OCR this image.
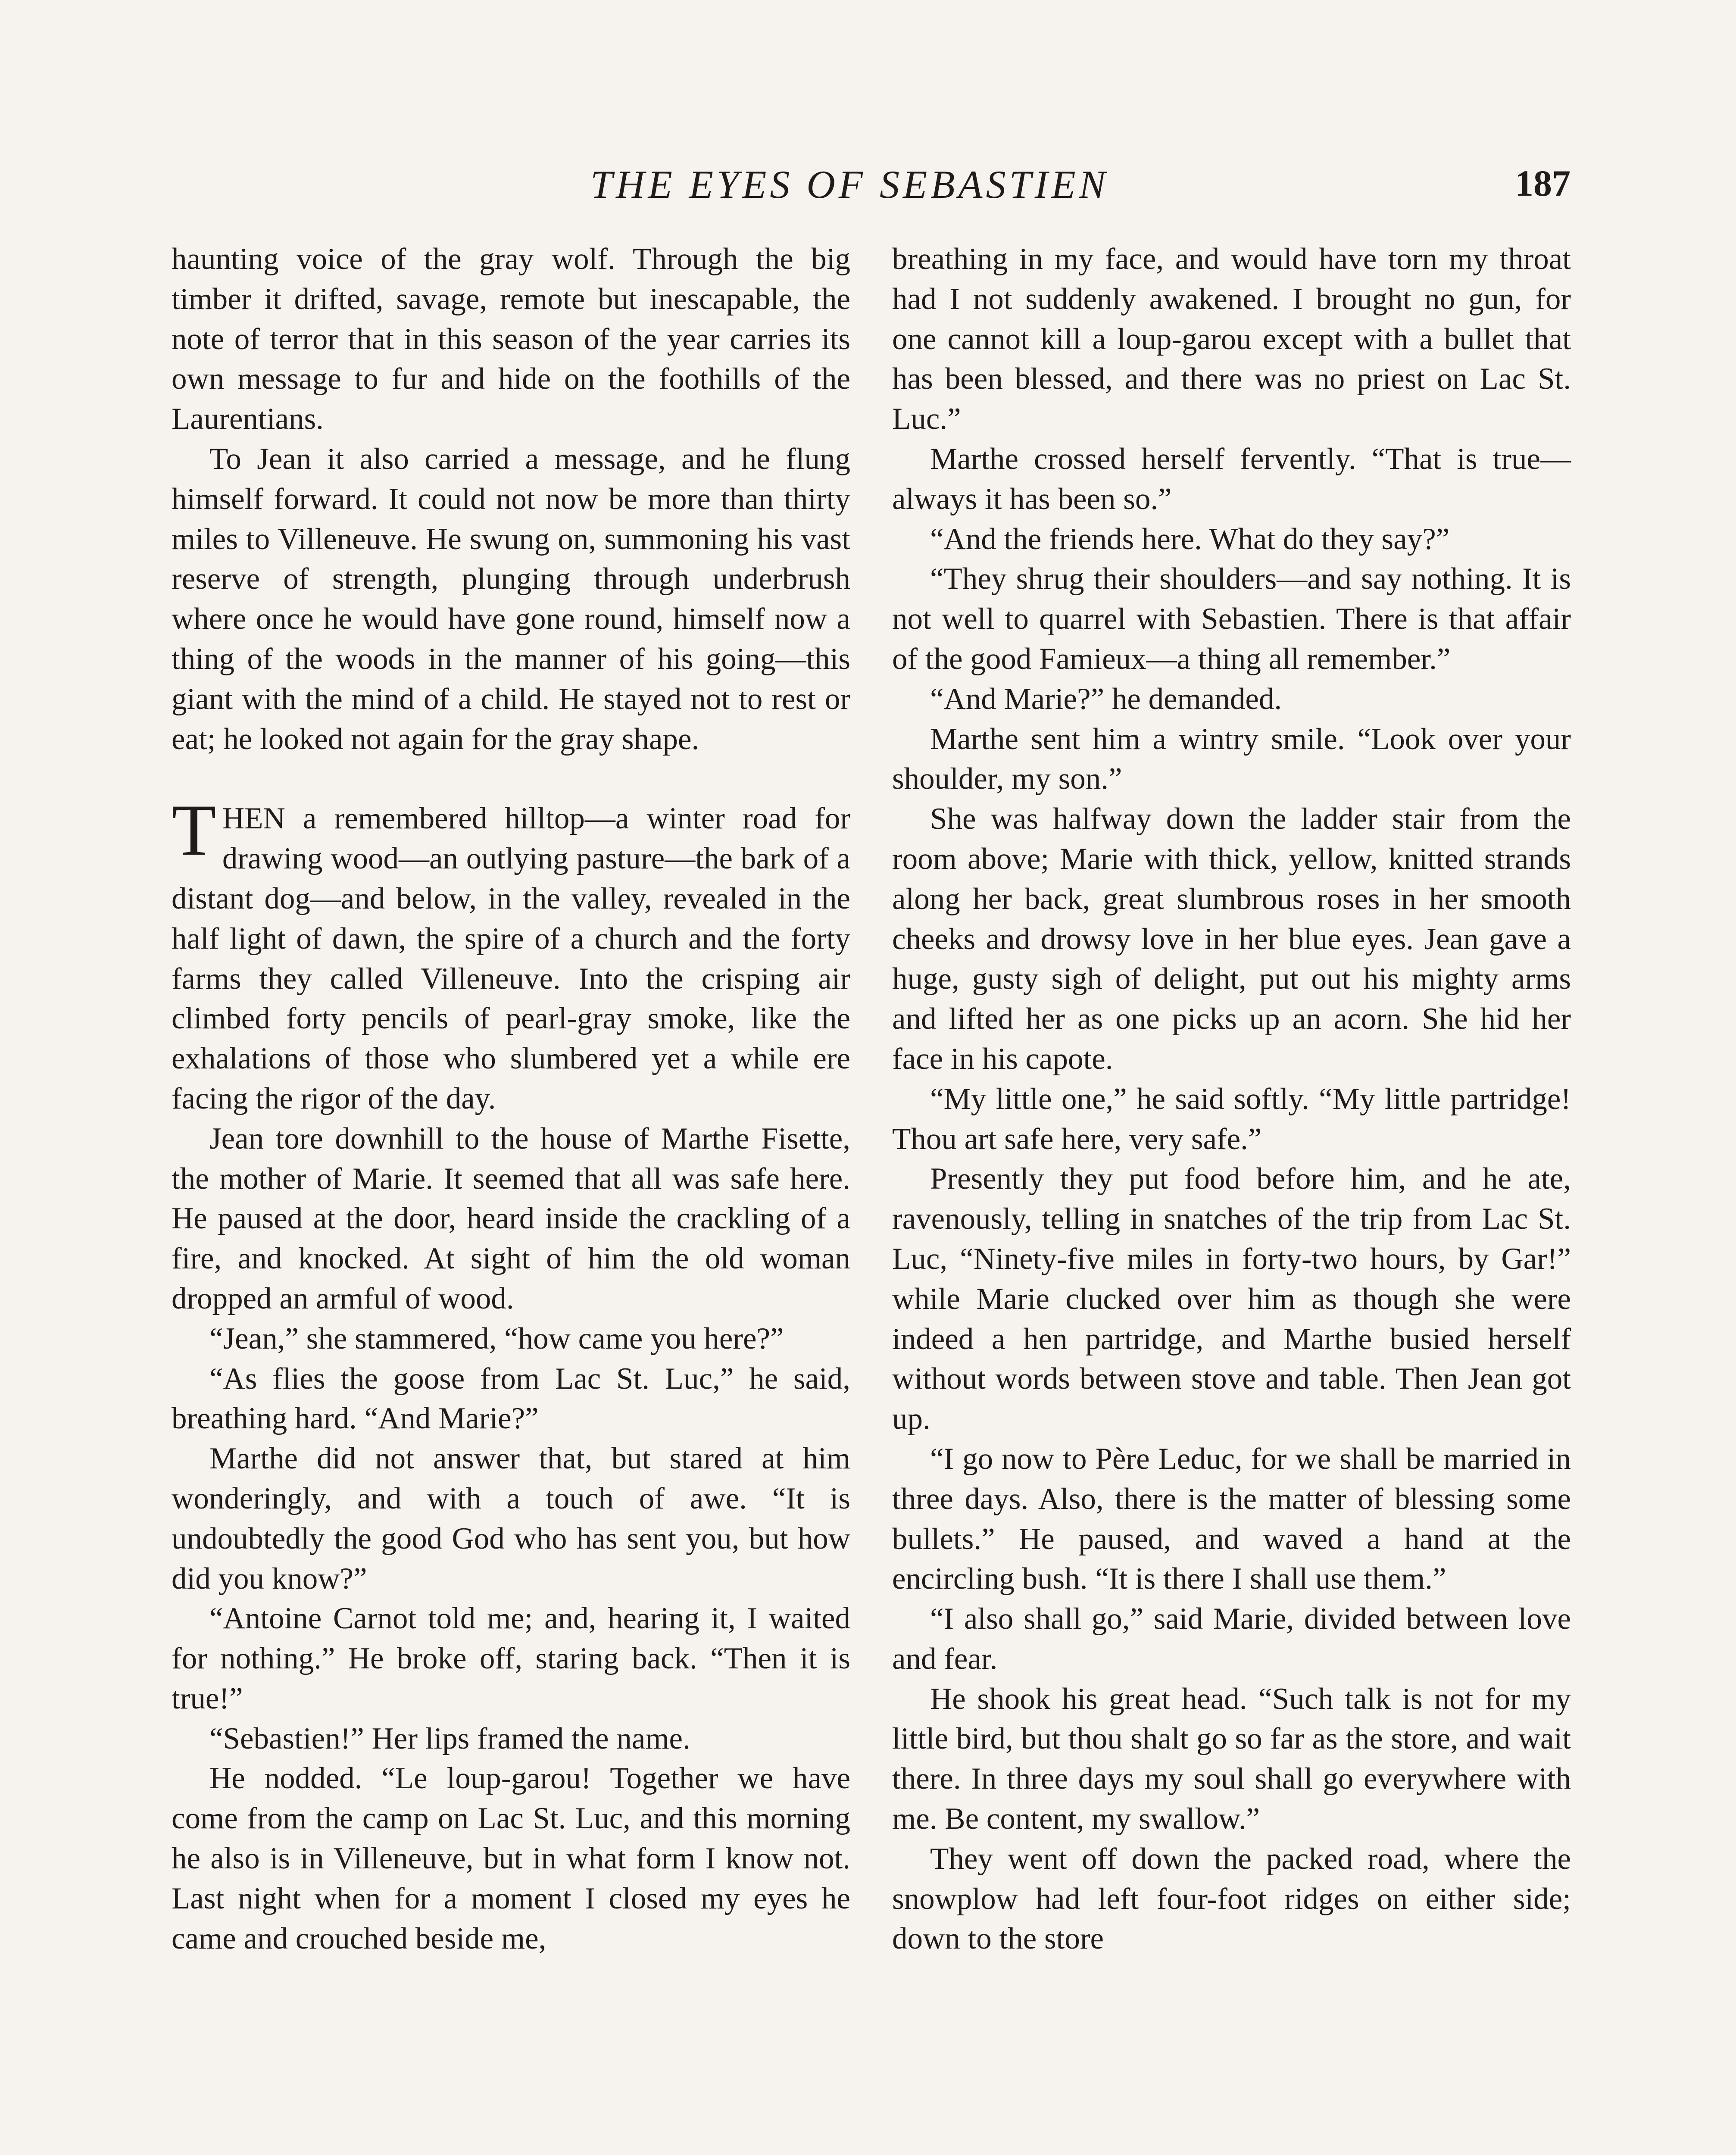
THE EYES OF SEBASTIEN	187

haunting voice of the gray wolf. Through the big timber it drifted, savage, remote but inescapable, the note of terror that in this season of the year carries its own message to fur and hide on the foothills of the Laurentians.

To Jean it also carried a message, and he flung himself forward. It could not now be more than thirty miles to Villeneuve. He swung on, summoning his vast reserve of strength, plunging through underbrush where once he would have gone round, himself now a thing of the woods in the manner of his going—this giant with the mind of a child. He stayed not to rest or eat; he looked not again for the gray shape.

THEN a remembered hilltop—a winter road for drawing wood—an outlying pasture—the bark of a distant dog—and below, in the valley, revealed in the half light of dawn, the spire of a church and the forty farms they called Villeneuve. Into the crisping air climbed forty pencils of pearl-gray smoke, like the exhalations of those who slumbered yet a while ere facing the rigor of the day.

Jean tore downhill to the house of Marthe Fisette, the mother of Marie. It seemed that all was safe here. He paused at the door, heard inside the crackling of a fire, and knocked. At sight of him the old woman dropped an armful of wood.

“Jean,” she stammered, “how came you here?”

“As flies the goose from Lac St. Luc,” he said, breathing hard. “And Marie?”

Marthe did not answer that, but stared at him wonderingly, and with a touch of awe. “It is undoubtedly the good God who has sent you, but how did you know?”

“Antoine Carnot told me; and, hearing it, I waited for nothing.” He broke off, staring back. “Then it is true!”

“Sebastien!” Her lips framed the name.

He nodded. “Le loup-garou! Together we have come from the camp on Lac St. Luc, and this morning he also is in Villeneuve, but in what form I know not. Last night when for a moment I closed my eyes he came and crouched beside me,

breathing in my face, and would have torn my throat had I not suddenly awakened. I brought no gun, for one cannot kill a loup-garou except with a bullet that has been blessed, and there was no priest on Lac St. Luc.”

Marthe crossed herself fervently. “That is true—always it has been so.”

“And the friends here. What do they say?”

“They shrug their shoulders—and say nothing. It is not well to quarrel with Sebastien. There is that affair of the good Famieux—a thing all remember.”

“And Marie?” he demanded.

Marthe sent him a wintry smile. “Look over your shoulder, my son.”

She was halfway down the ladder stair from the room above; Marie with thick, yellow, knitted strands along her back, great slumbrous roses in her smooth cheeks and drowsy love in her blue eyes. Jean gave a huge, gusty sigh of delight, put out his mighty arms and lifted her as one picks up an acorn. She hid her face in his capote.

“My little one,” he said softly. “My little partridge! Thou art safe here, very safe.”

Presently they put food before him, and he ate, ravenously, telling in snatches of the trip from Lac St. Luc, “Ninety-five miles in forty-two hours, by Gar!” while Marie clucked over him as though she were indeed a hen partridge, and Marthe busied herself without words between stove and table. Then Jean got up.

“I go now to Père Leduc, for we shall be married in three days. Also, there is the matter of blessing some bullets.” He paused, and waved a hand at the encircling bush. “It is there I shall use them.”

“I also shall go,” said Marie, divided between love and fear.

He shook his great head. “Such talk is not for my little bird, but thou shalt go so far as the store, and wait there. In three days my soul shall go everywhere with me. Be content, my swallow.”

They went off down the packed road, where the snowplow had left four-foot ridges on either side; down to the store
